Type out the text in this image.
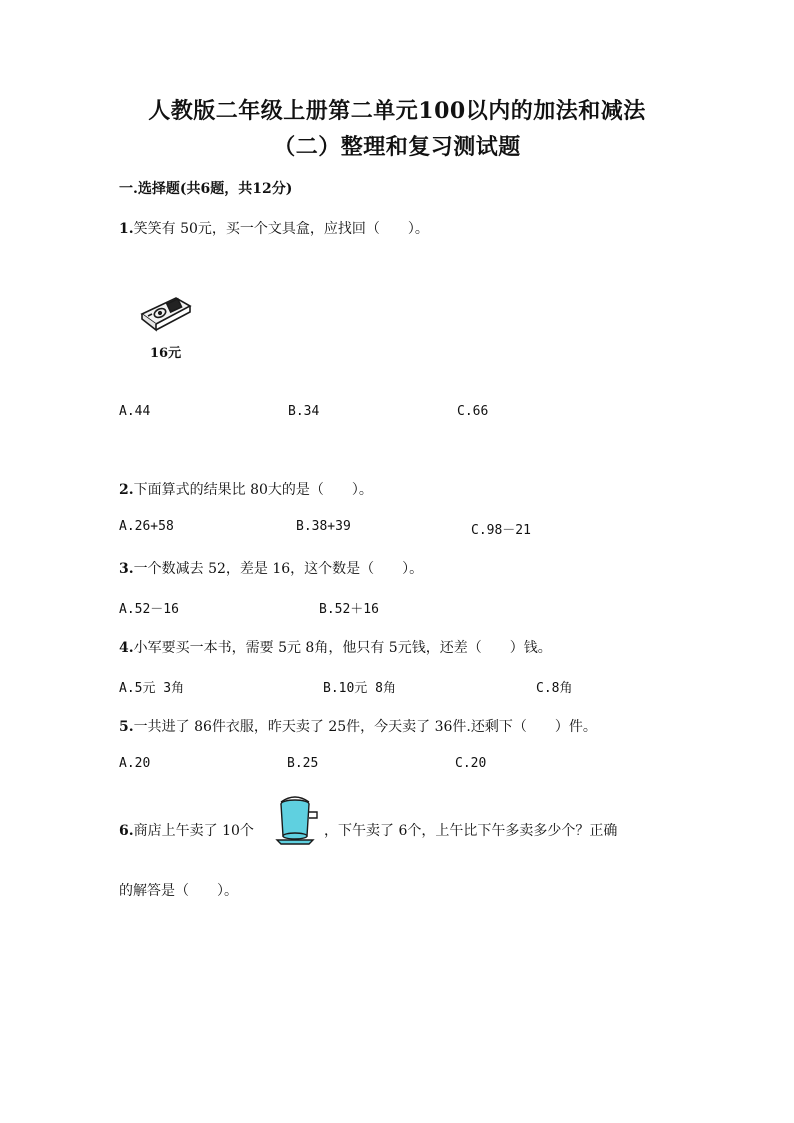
人教版二年级上册第二单元100以内的加法和减法
（二）整理和复习测试题
一.选择题(共6题，共12分)
1.笑笑有 50元，买一个文具盒，应找回（　　）。
16元
A.44	B.34	C.66
2.下面算式的结果比 80大的是（　　）。
A.26+58	B.38+39	C.98－21
3.一个数减去 52，差是 16，这个数是（　　）。
A.52－16	B.52＋16
4.小军要买一本书，需要 5元 8角，他只有 5元钱，还差（　　）钱。
A.5元 3角	B.10元 8角	C.8角
5.一共进了 86件衣服，昨天卖了 25件，今天卖了 36件.还剩下（　　）件。
A.20	B.25	C.20
6.商店上午卖了 10个	，下午卖了 6个，上午比下午多卖多少个？正确
的解答是（　　）。
